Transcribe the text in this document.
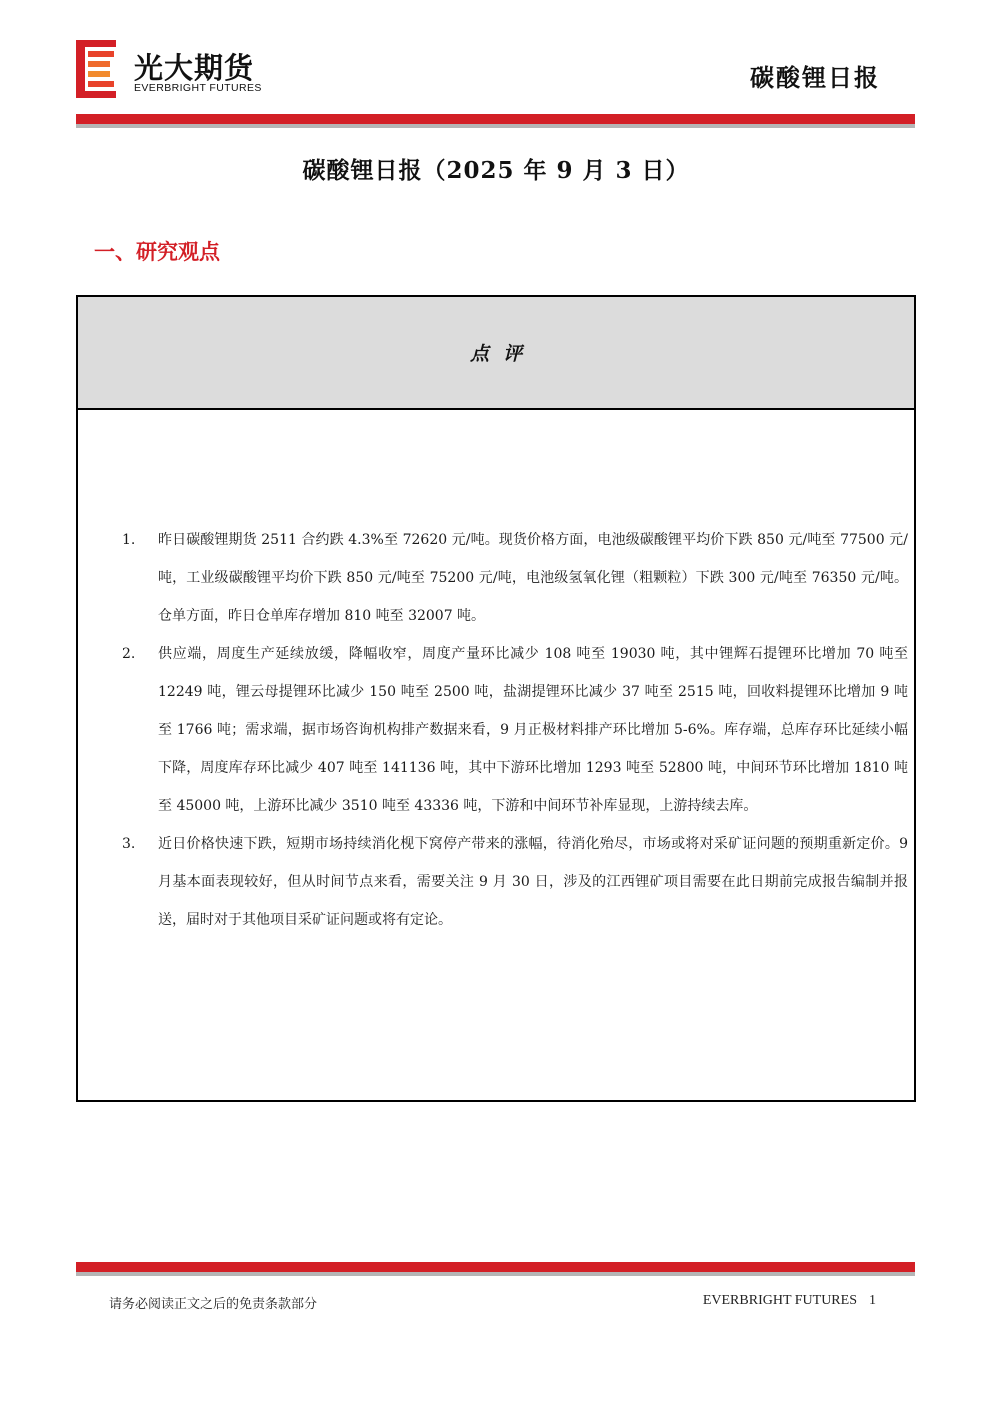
光大期货
EVERBRIGHT FUTURES	碳酸锂日报
碳酸锂日报（2025 年 9 月 3 日）
一、研究观点
点评
1. 昨日碳酸锂期货 2511 合约跌 4.3%至 72620 元/吨。现货价格方面，电池级碳酸锂平均价下跌 850 元/吨至 77500 元/吨，工业级碳酸锂平均价下跌 850 元/吨至 75200 元/吨，电池级氢氧化锂（粗颗粒）下跌 300 元/吨至 76350 元/吨。仓单方面，昨日仓单库存增加 810 吨至 32007 吨。
2. 供应端，周度生产延续放缓，降幅收窄，周度产量环比减少 108 吨至 19030 吨，其中锂辉石提锂环比增加 70 吨至 12249 吨，锂云母提锂环比减少 150 吨至 2500 吨，盐湖提锂环比减少 37 吨至 2515 吨，回收料提锂环比增加 9 吨至 1766 吨；需求端，据市场咨询机构排产数据来看，9 月正极材料排产环比增加 5-6%。库存端，总库存环比延续小幅下降，周度库存环比减少 407 吨至 141136 吨，其中下游环比增加 1293 吨至 52800 吨，中间环节环比增加 1810 吨至 45000 吨，上游环比减少 3510 吨至 43336 吨，下游和中间环节补库显现，上游持续去库。
3. 近日价格快速下跌，短期市场持续消化枧下窝停产带来的涨幅，待消化殆尽，市场或将对采矿证问题的预期重新定价。9 月基本面表现较好，但从时间节点来看，需要关注 9 月 30 日，涉及的江西锂矿项目需要在此日期前完成报告编制并报送，届时对于其他项目采矿证问题或将有定论。
请务必阅读正文之后的免责条款部分	EVERBRIGHT FUTURES 1
